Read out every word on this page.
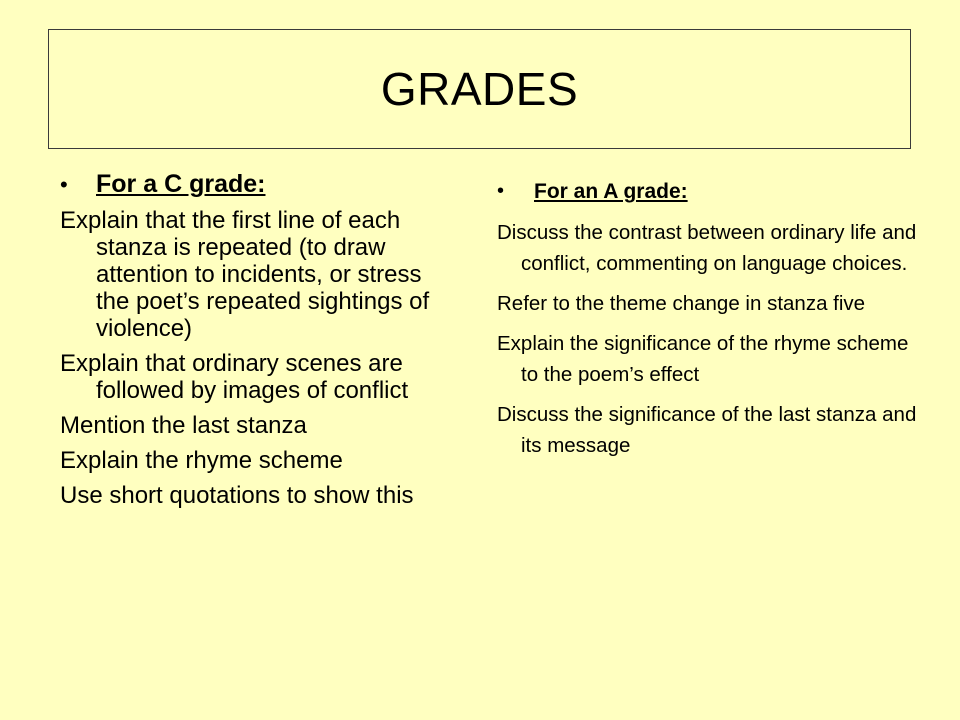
GRADES
• For a C grade:
Explain that the first line of each stanza is repeated (to draw attention to incidents, or stress the poet’s repeated sightings of violence)
Explain that ordinary scenes are followed by images of conflict
Mention the last stanza
Explain the rhyme scheme
Use short quotations to show this
• For an A grade:
Discuss the contrast between ordinary life and conflict, commenting on language choices.
Refer to the theme change in stanza five
Explain the significance of the rhyme scheme to the poem’s effect
Discuss the significance of the last stanza and its message
